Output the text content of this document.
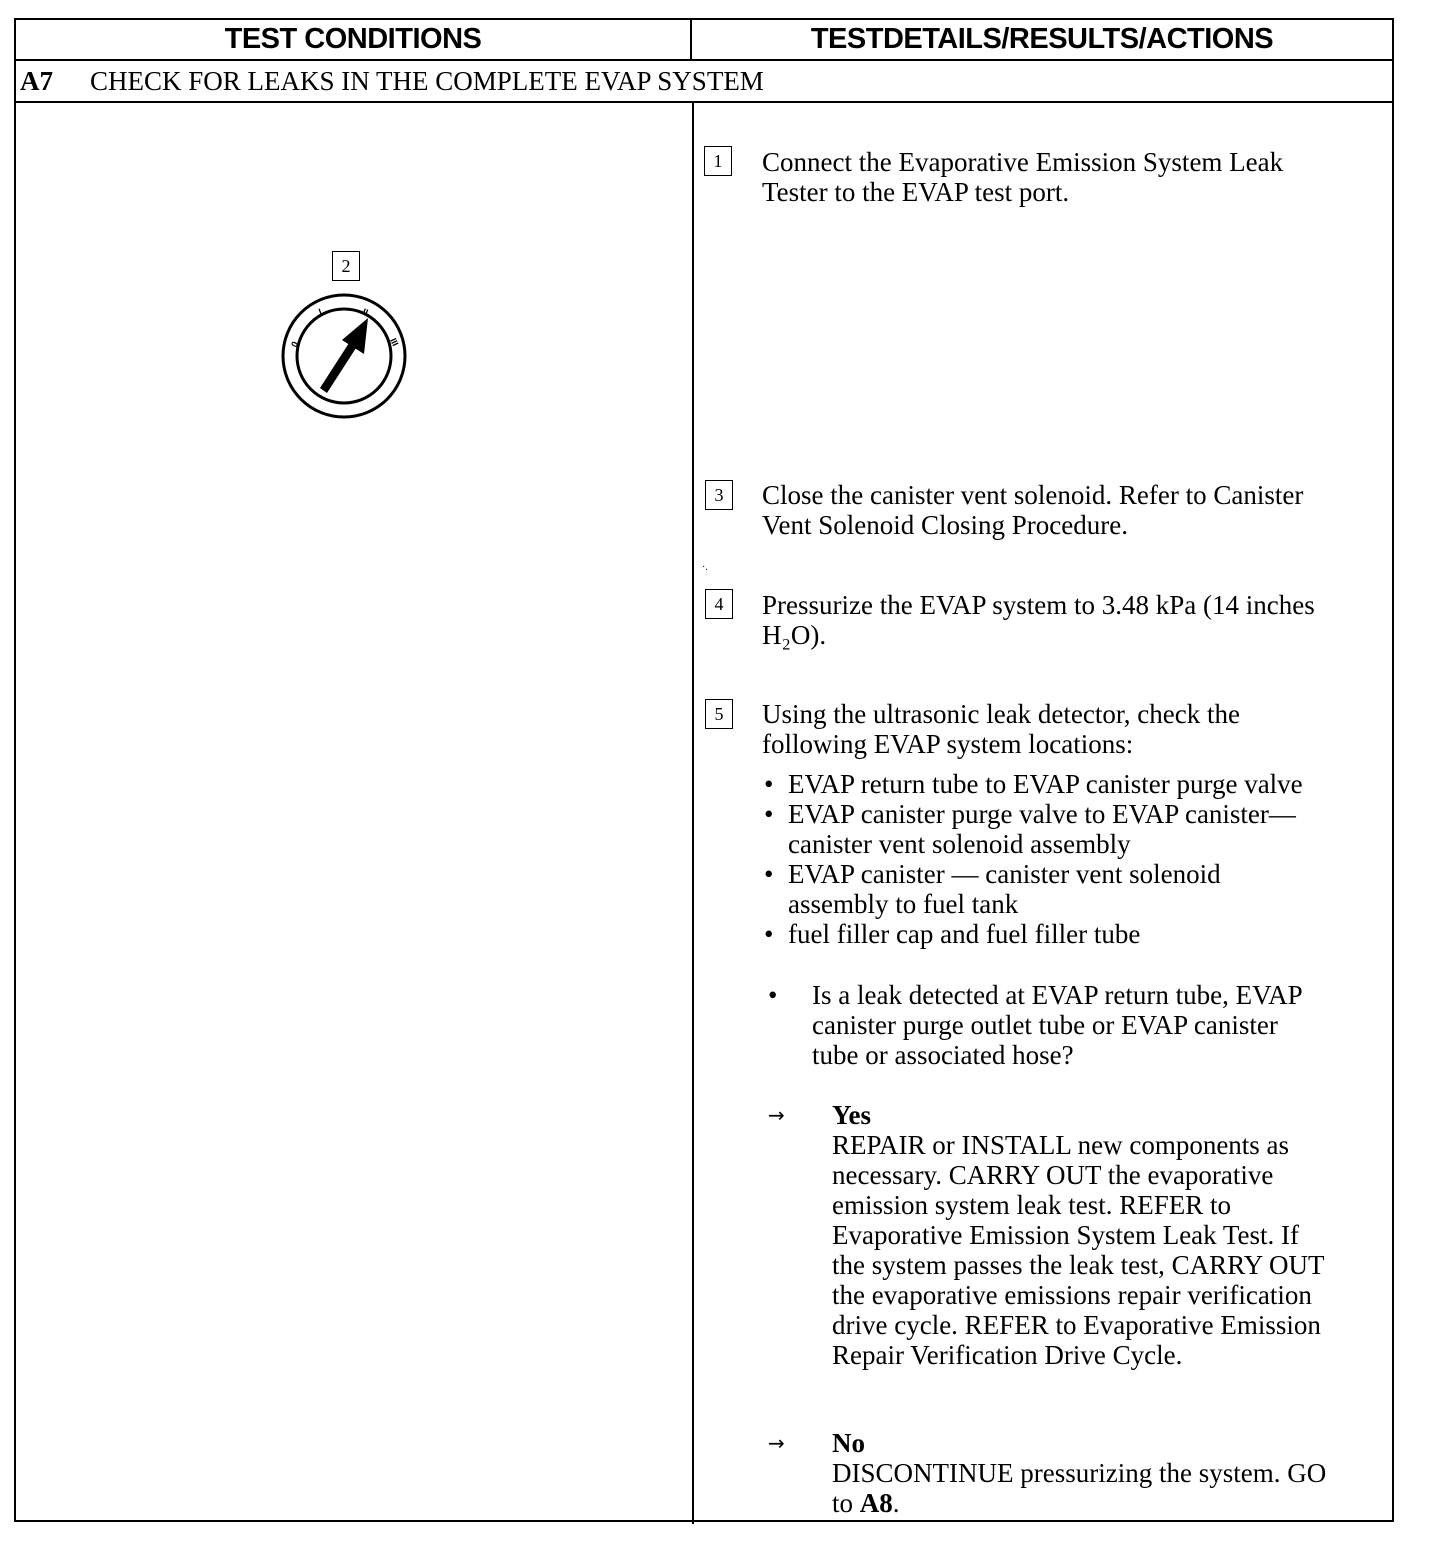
TEST CONDITIONS	TESTDETAILS/RESULTS/ACTIONS
A7	CHECK FOR LEAKS IN THE COMPLETE EVAP SYSTEM
2
0
I	II
III
1	Connect the Evaporative Emission System Leak
Tester to the EVAP test port.
3	Close the canister vent solenoid. Refer to Canister
Vent Solenoid Closing Procedure.
·.
4	Pressurize the EVAP system to 3.48 kPa (14 inches
H₂O).
5	Using the ultrasonic leak detector, check the
following EVAP system locations:
• EVAP return tube to EVAP canister purge valve
• EVAP canister purge valve to EVAP canister—
canister vent solenoid assembly
• EVAP canister — canister vent solenoid
assembly to fuel tank
• fuel filler cap and fuel filler tube
• Is a leak detected at EVAP return tube, EVAP
canister purge outlet tube or EVAP canister
tube or associated hose?
→ Yes
REPAIR or INSTALL new components as
necessary. CARRY OUT the evaporative
emission system leak test. REFER to
Evaporative Emission System Leak Test. If
the system passes the leak test, CARRY OUT
the evaporative emissions repair verification
drive cycle. REFER to Evaporative Emission
Repair Verification Drive Cycle.
→ No
DISCONTINUE pressurizing the system. GO
to A8.
